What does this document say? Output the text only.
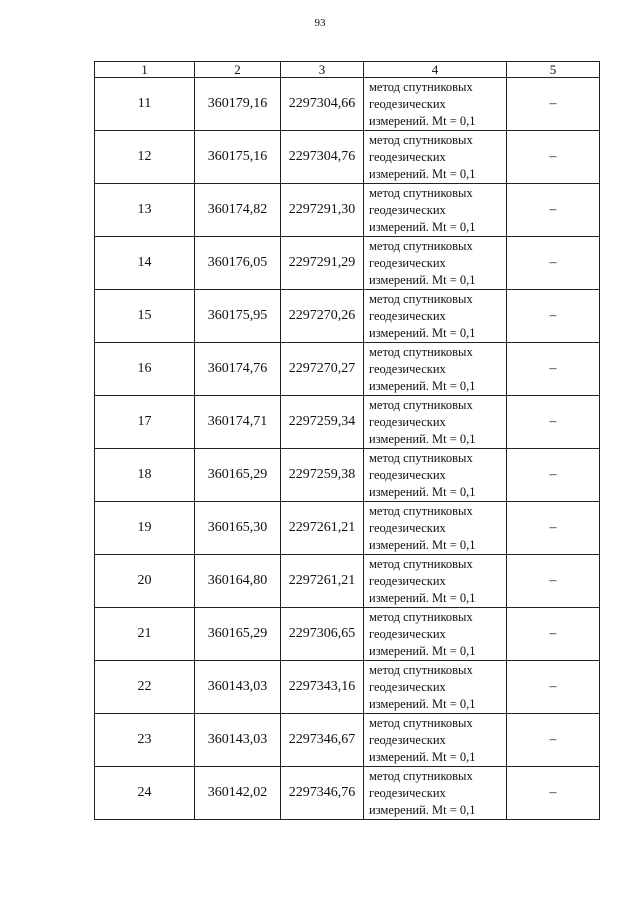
93
1	2	3	4	5
11	360179,16	2297304,66	метод спутниковых
геодезических
измерений. Mt = 0,1	–
12	360175,16	2297304,76	метод спутниковых
геодезических
измерений. Mt = 0,1	–
13	360174,82	2297291,30	метод спутниковых
геодезических
измерений. Mt = 0,1	–
14	360176,05	2297291,29	метод спутниковых
геодезических
измерений. Mt = 0,1	–
15	360175,95	2297270,26	метод спутниковых
геодезических
измерений. Mt = 0,1	–
16	360174,76	2297270,27	метод спутниковых
геодезических
измерений. Mt = 0,1	–
17	360174,71	2297259,34	метод спутниковых
геодезических
измерений. Mt = 0,1	–
18	360165,29	2297259,38	метод спутниковых
геодезических
измерений. Mt = 0,1	–
19	360165,30	2297261,21	метод спутниковых
геодезических
измерений. Mt = 0,1	–
20	360164,80	2297261,21	метод спутниковых
геодезических
измерений. Mt = 0,1	–
21	360165,29	2297306,65	метод спутниковых
геодезических
измерений. Mt = 0,1	–
22	360143,03	2297343,16	метод спутниковых
геодезических
измерений. Mt = 0,1	–
23	360143,03	2297346,67	метод спутниковых
геодезических
измерений. Mt = 0,1	–
24	360142,02	2297346,76	метод спутниковых
геодезических
измерений. Mt = 0,1	–
